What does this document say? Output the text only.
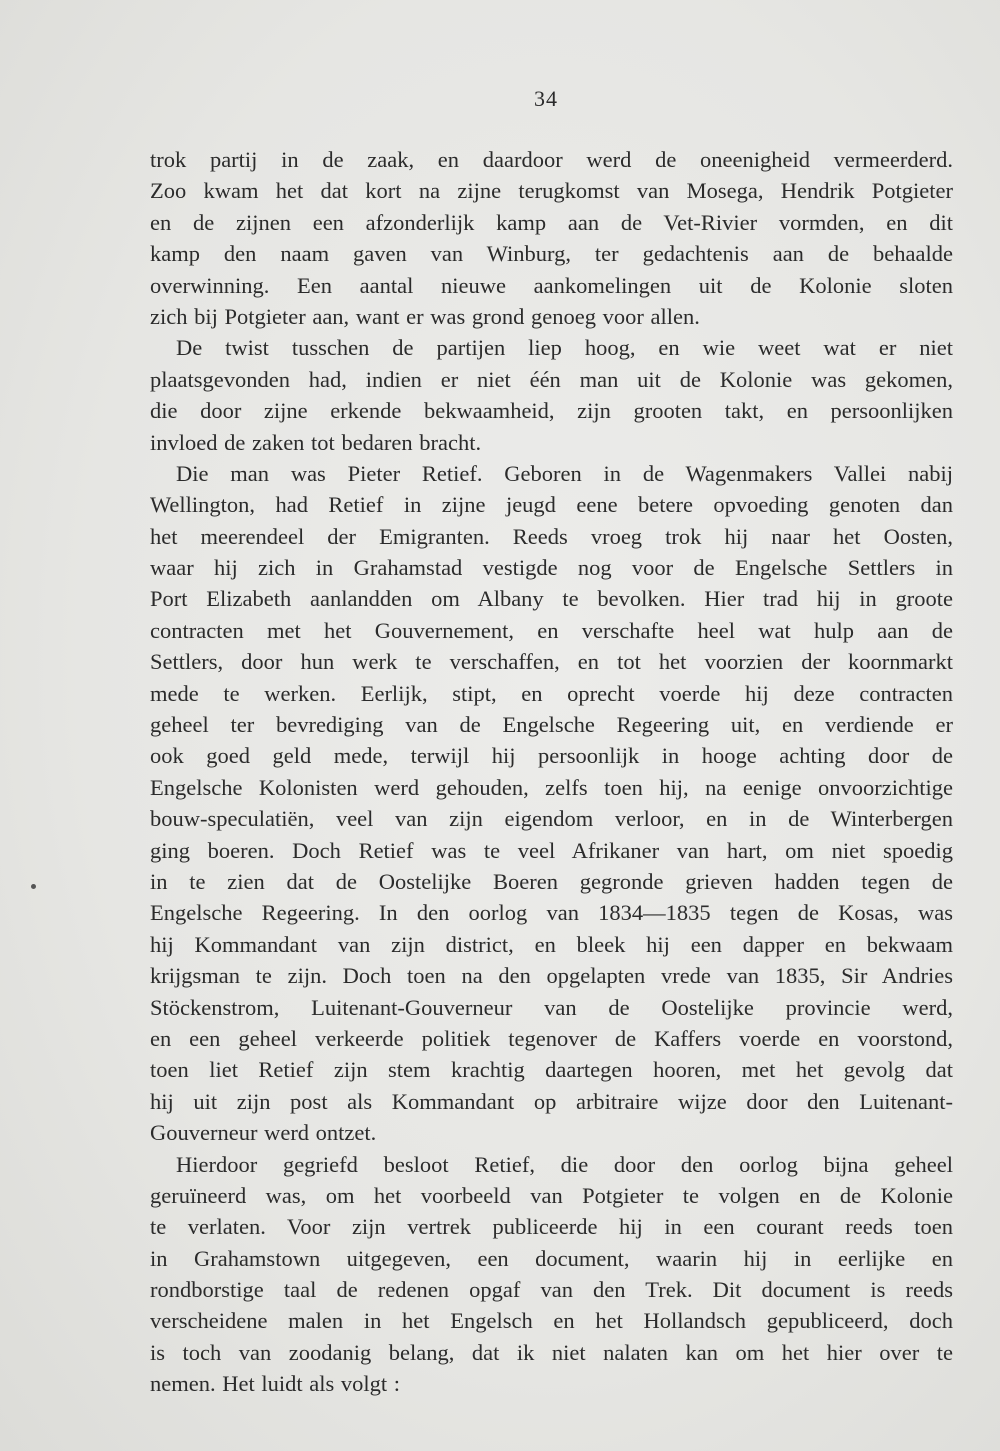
34
trok partij in de zaak, en daardoor werd de oneenigheid vermeerderd.
Zoo kwam het dat kort na zijne terugkomst van Mosega, Hendrik Potgieter
en de zijnen een afzonderlijk kamp aan de Vet-Rivier vormden, en dit
kamp den naam gaven van Winburg, ter gedachtenis aan de behaalde
overwinning. Een aantal nieuwe aankomelingen uit de Kolonie sloten
zich bij Potgieter aan, want er was grond genoeg voor allen.
De twist tusschen de partijen liep hoog, en wie weet wat er niet
plaatsgevonden had, indien er niet één man uit de Kolonie was gekomen,
die door zijne erkende bekwaamheid, zijn grooten takt, en persoonlijken
invloed de zaken tot bedaren bracht.
Die man was Pieter Retief. Geboren in de Wagenmakers Vallei nabij
Wellington, had Retief in zijne jeugd eene betere opvoeding genoten dan
het meerendeel der Emigranten. Reeds vroeg trok hij naar het Oosten,
waar hij zich in Grahamstad vestigde nog voor de Engelsche Settlers in
Port Elizabeth aanlandden om Albany te bevolken. Hier trad hij in groote
contracten met het Gouvernement, en verschafte heel wat hulp aan de
Settlers, door hun werk te verschaffen, en tot het voorzien der koornmarkt
mede te werken. Eerlijk, stipt, en oprecht voerde hij deze contracten
geheel ter bevrediging van de Engelsche Regeering uit, en verdiende er
ook goed geld mede, terwijl hij persoonlijk in hooge achting door de
Engelsche Kolonisten werd gehouden, zelfs toen hij, na eenige onvoorzichtige
bouw-speculatiën, veel van zijn eigendom verloor, en in de Winterbergen
ging boeren. Doch Retief was te veel Afrikaner van hart, om niet spoedig
in te zien dat de Oostelijke Boeren gegronde grieven hadden tegen de
Engelsche Regeering. In den oorlog van 1834—1835 tegen de Kosas, was
hij Kommandant van zijn district, en bleek hij een dapper en bekwaam
krijgsman te zijn. Doch toen na den opgelapten vrede van 1835, Sir Andries
Stöckenstrom, Luitenant-Gouverneur van de Oostelijke provincie werd,
en een geheel verkeerde politiek tegenover de Kaffers voerde en voorstond,
toen liet Retief zijn stem krachtig daartegen hooren, met het gevolg dat
hij uit zijn post als Kommandant op arbitraire wijze door den Luitenant-
Gouverneur werd ontzet.
Hierdoor gegriefd besloot Retief, die door den oorlog bijna geheel
geruïneerd was, om het voorbeeld van Potgieter te volgen en de Kolonie
te verlaten. Voor zijn vertrek publiceerde hij in een courant reeds toen
in Grahamstown uitgegeven, een document, waarin hij in eerlijke en
rondborstige taal de redenen opgaf van den Trek. Dit document is reeds
verscheidene malen in het Engelsch en het Hollandsch gepubliceerd, doch
is toch van zoodanig belang, dat ik niet nalaten kan om het hier over te
nemen. Het luidt als volgt :
